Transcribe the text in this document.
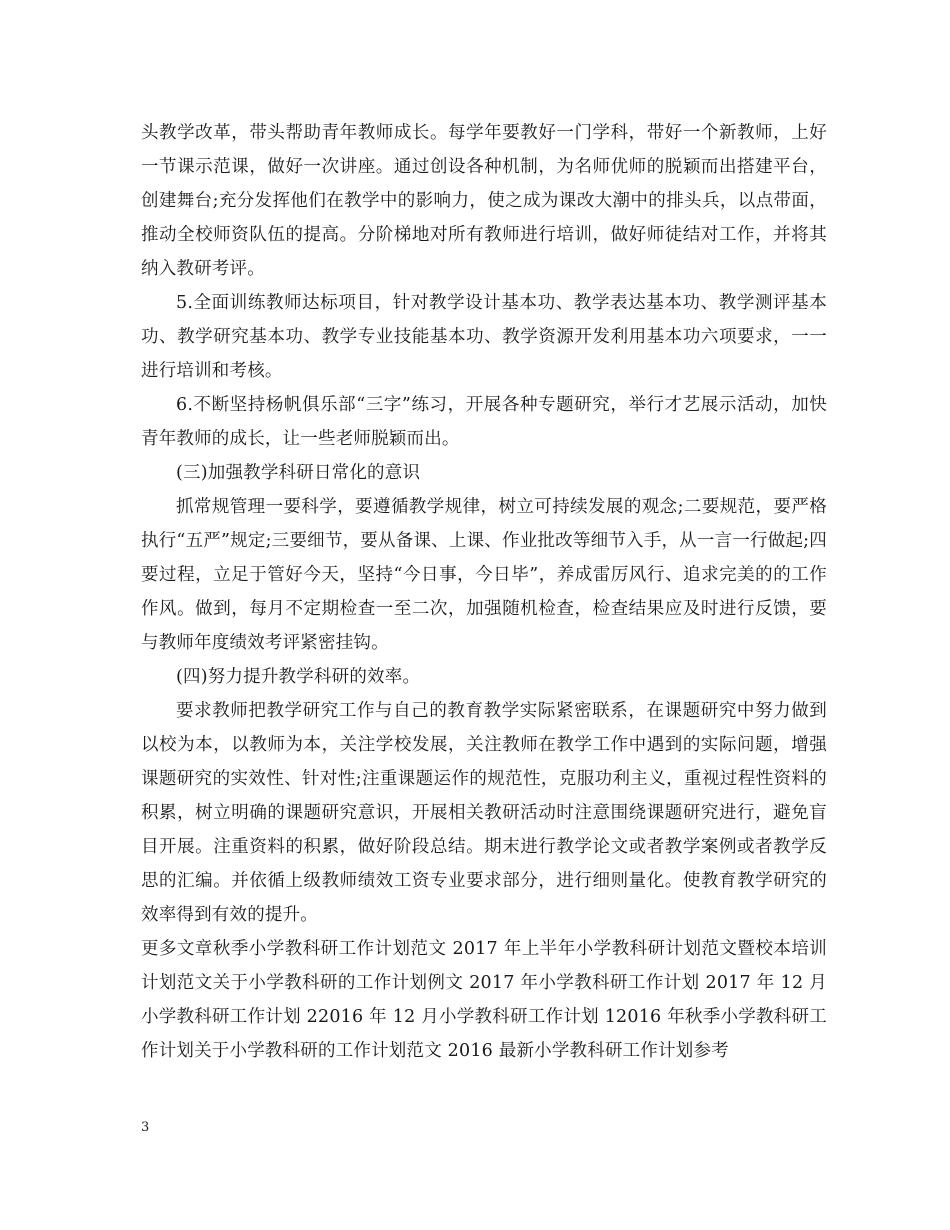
头教学改革，带头帮助青年教师成长。每学年要教好一门学科，带好一个新教师，上好一节课示范课，做好一次讲座。通过创设各种机制，为名师优师的脱颖而出搭建平台，创建舞台;充分发挥他们在教学中的影响力，使之成为课改大潮中的排头兵，以点带面，推动全校师资队伍的提高。分阶梯地对所有教师进行培训，做好师徒结对工作，并将其纳入教研考评。

5.全面训练教师达标项目，针对教学设计基本功、教学表达基本功、教学测评基本功、教学研究基本功、教学专业技能基本功、教学资源开发利用基本功六项要求，一一进行培训和考核。

6.不断坚持杨帆俱乐部“三字”练习，开展各种专题研究，举行才艺展示活动，加快青年教师的成长，让一些老师脱颖而出。

(三)加强教学科研日常化的意识

抓常规管理一要科学，要遵循教学规律，树立可持续发展的观念;二要规范，要严格执行“五严”规定;三要细节，要从备课、上课、作业批改等细节入手，从一言一行做起;四要过程，立足于管好今天，坚持“今日事，今日毕”，养成雷厉风行、追求完美的的工作作风。做到，每月不定期检查一至二次，加强随机检查，检查结果应及时进行反馈，要与教师年度绩效考评紧密挂钩。

(四)努力提升教学科研的效率。

要求教师把教学研究工作与自己的教育教学实际紧密联系，在课题研究中努力做到以校为本，以教师为本，关注学校发展，关注教师在教学工作中遇到的实际问题，增强课题研究的实效性、针对性;注重课题运作的规范性，克服功利主义，重视过程性资料的积累，树立明确的课题研究意识，开展相关教研活动时注意围绕课题研究进行，避免盲目开展。注重资料的积累，做好阶段总结。期末进行教学论文或者教学案例或者教学反思的汇编。并依循上级教师绩效工资专业要求部分，进行细则量化。使教育教学研究的效率得到有效的提升。

更多文章秋季小学教科研工作计划范文 2017 年上半年小学教科研计划范文暨校本培训计划范文关于小学教科研的工作计划例文 2017 年小学教科研工作计划 2017 年 12 月小学教科研工作计划 22016 年 12 月小学教科研工作计划 12016 年秋季小学教科研工作计划关于小学教科研的工作计划范文 2016 最新小学教科研工作计划参考

3
